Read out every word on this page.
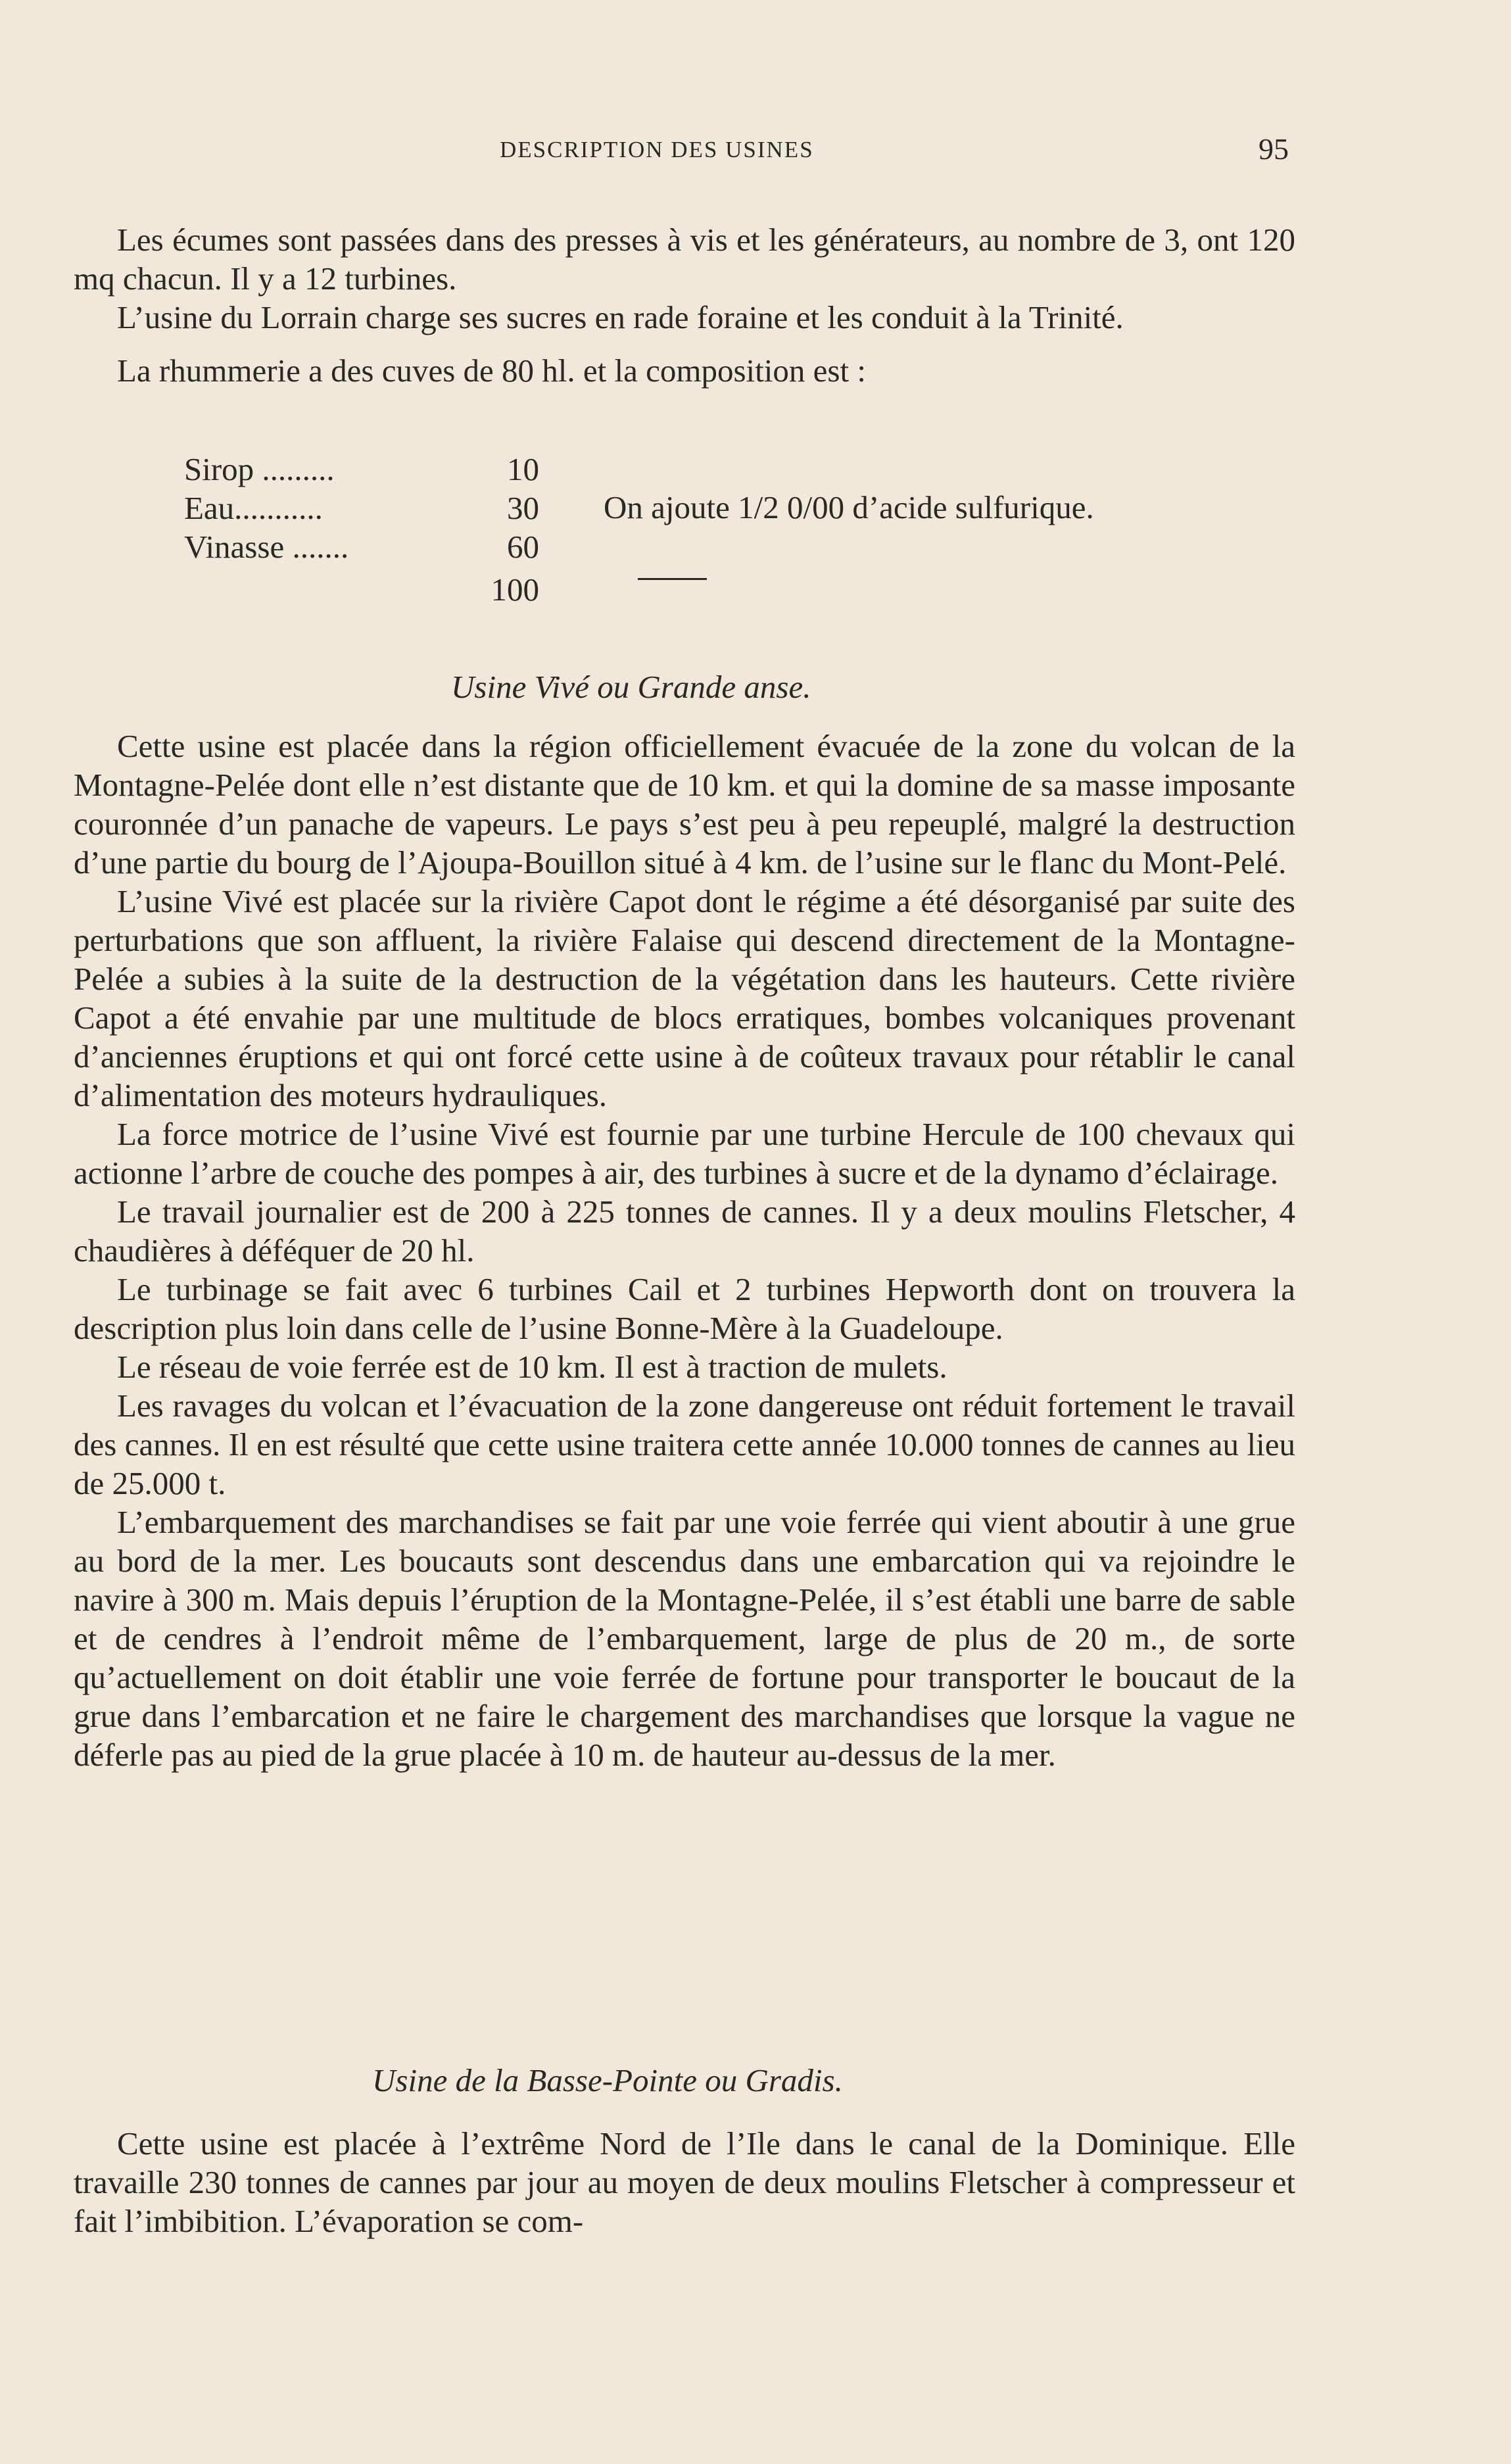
DESCRIPTION DES USINES	95

Les écumes sont passées dans des presses à vis et les générateurs, au nombre de 3, ont 120 mq chacun. Il y a 12 turbines.

L’usine du Lorrain charge ses sucres en rade foraine et les conduit à la Trinité.

La rhummerie a des cuves de 80 hl. et la composition est :

Sirop .........	10
Eau...........	30
Vinasse .......	60
100
On ajoute 1/2 0/00 d’acide sulfurique.
Usine Vivé ou Grande anse.

Cette usine est placée dans la région officiellement évacuée de la zone du volcan de la Montagne-Pelée dont elle n’est distante que de 10 km. et qui la domine de sa masse imposante couronnée d’un panache de vapeurs. Le pays s’est peu à peu repeuplé, malgré la destruction d’une partie du bourg de l’Ajoupa-Bouillon situé à 4 km. de l’usine sur le flanc du Mont-Pelé.

L’usine Vivé est placée sur la rivière Capot dont le régime a été désorganisé par suite des perturbations que son affluent, la rivière Falaise qui descend directement de la Montagne-Pelée a subies à la suite de la destruction de la végétation dans les hauteurs. Cette rivière Capot a été envahie par une multitude de blocs erratiques, bombes volcaniques provenant d’anciennes éruptions et qui ont forcé cette usine à de coûteux travaux pour rétablir le canal d’alimentation des moteurs hydrauliques.

La force motrice de l’usine Vivé est fournie par une turbine Hercule de 100 chevaux qui actionne l’arbre de couche des pompes à air, des turbines à sucre et de la dynamo d’éclairage.

Le travail journalier est de 200 à 225 tonnes de cannes. Il y a deux moulins Fletscher, 4 chaudières à déféquer de 20 hl.

Le turbinage se fait avec 6 turbines Cail et 2 turbines Hepworth dont on trouvera la description plus loin dans celle de l’usine Bonne-Mère à la Guadeloupe.

Le réseau de voie ferrée est de 10 km. Il est à traction de mulets.

Les ravages du volcan et l’évacuation de la zone dangereuse ont réduit fortement le travail des cannes. Il en est résulté que cette usine traitera cette année 10.000 tonnes de cannes au lieu de 25.000 t.

L’embarquement des marchandises se fait par une voie ferrée qui vient aboutir à une grue au bord de la mer. Les boucauts sont descendus dans une embarcation qui va rejoindre le navire à 300 m. Mais depuis l’éruption de la Montagne-Pelée, il s’est établi une barre de sable et de cendres à l’endroit même de l’embarquement, large de plus de 20 m., de sorte qu’actuellement on doit établir une voie ferrée de fortune pour transporter le boucaut de la grue dans l’embarcation et ne faire le chargement des marchandises que lorsque la vague ne déferle pas au pied de la grue placée à 10 m. de hauteur au-dessus de la mer.

Usine de la Basse-Pointe ou Gradis.

Cette usine est placée à l’extrême Nord de l’Ile dans le canal de la Dominique. Elle travaille 230 tonnes de cannes par jour au moyen de deux moulins Fletscher à compresseur et fait l’imbibition. L’évaporation se com-
